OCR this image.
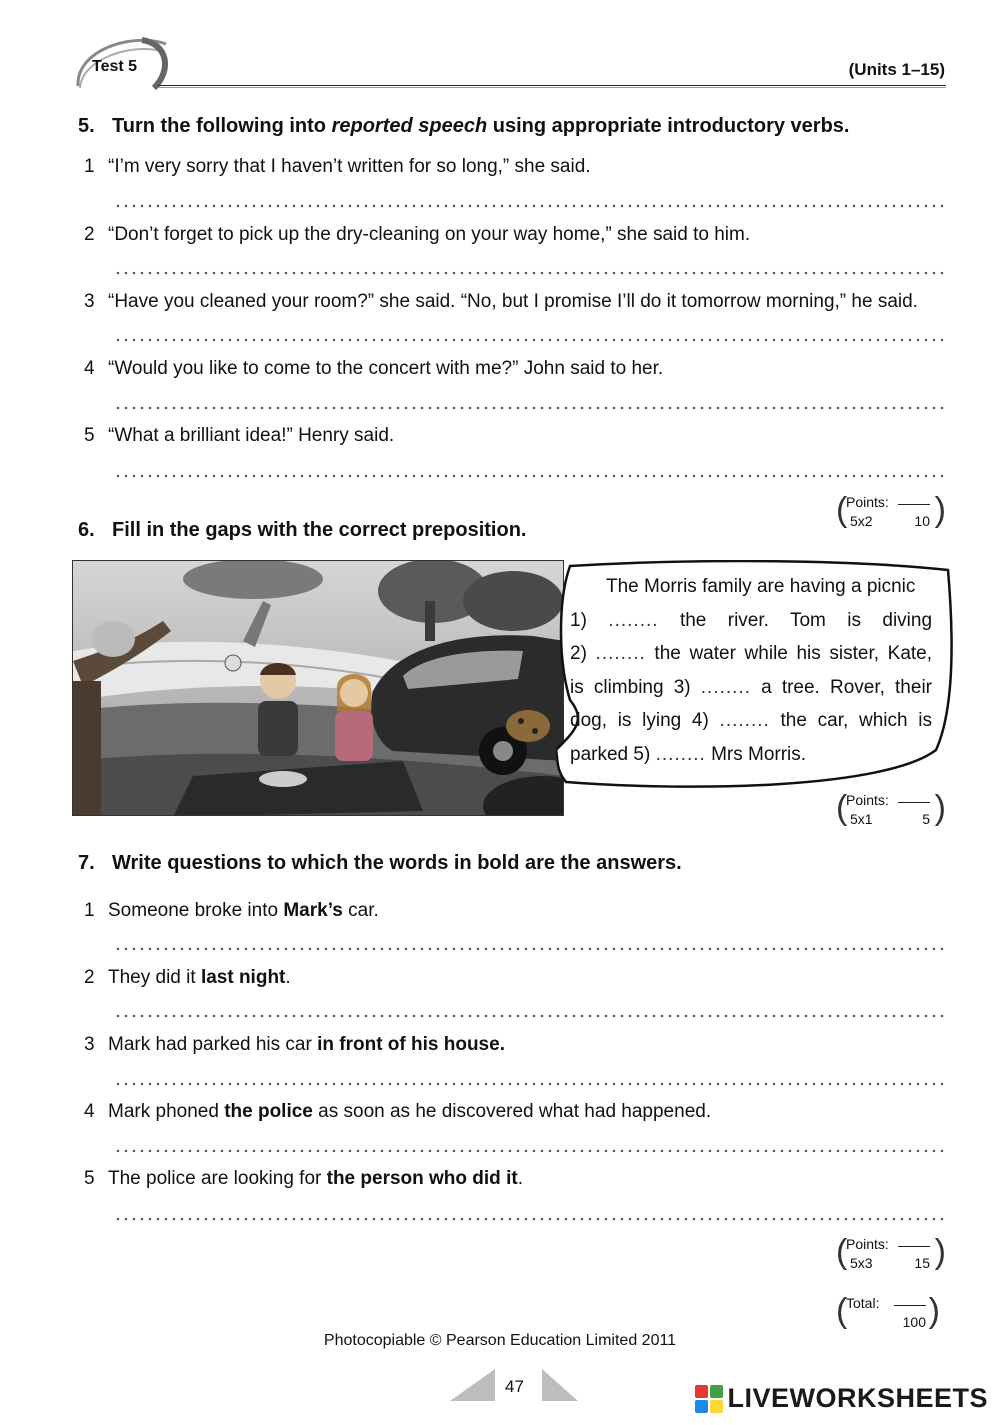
Test 5	(Units 1–15)
5. Turn the following into reported speech using appropriate introductory verbs.
1 “I’m very sorry that I haven’t written for so long,” she said.
2 “Don’t forget to pick up the dry-cleaning on your way home,” she said to him.
3 “Have you cleaned your room?” she said. “No, but I promise I’ll do it tomorrow morning,” he said.
4 “Would you like to come to the concert with me?” John said to her.
5 “What a brilliant idea!” Henry said.
(
Points:
5x2	10 )
6. Fill in the gaps with the correct preposition.
The Morris family are having a picnic
1) ........ the river. Tom is diving
2) ........ the water while his sister, Kate,
is climbing 3) ........ a tree. Rover, their
dog, is lying 4) ........ the car, which is
parked 5) ........ Mrs Morris.
(
Points:
5x1	5 )
7. Write questions to which the words in bold are the answers.
1 Someone broke into Mark’s car.
2 They did it last night.
3 Mark had parked his car in front of his house.
4 Mark phoned the police as soon as he discovered what had happened.
5 The police are looking for the person who did it.
(
Points:
5x3	15 )
(
Total:
100 )
Photocopiable © Pearson Education Limited 2011
47	LIVEWORKSHEETS
